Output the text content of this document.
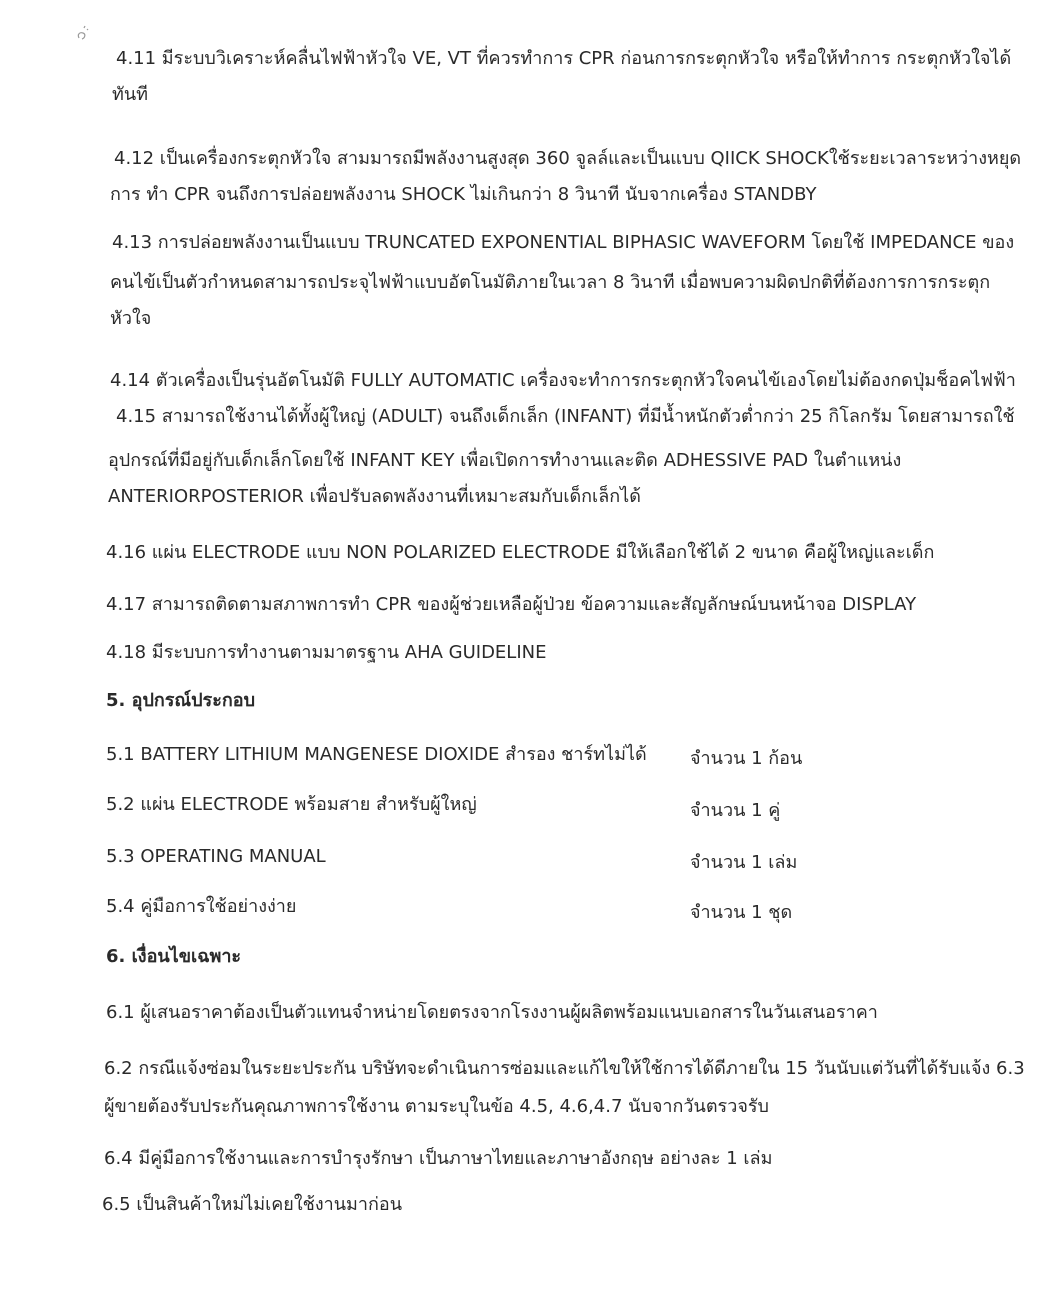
4.11 มีระบบวิเคราะห์คลื่นไฟฟ้าหัวใจ VE, VT ที่ควรทำการ CPR ก่อนการกระตุกหัวใจ หรือให้ทำการ กระตุกหัวใจได้
ทันที
4.12 เป็นเครื่องกระตุกหัวใจ สามมารถมีพลังงานสูงสุด 360 จูลล์และเป็นแบบ QIICK SHOCKใช้ระยะเวลาระหว่างหยุด
การ ทำ CPR จนถึงการปล่อยพลังงาน SHOCK ไม่เกินกว่า 8 วินาที นับจากเครื่อง STANDBY
4.13 การปล่อยพลังงานเป็นแบบ TRUNCATED EXPONENTIAL BIPHASIC WAVEFORM โดยใช้ IMPEDANCE ของ
คนไข้เป็นตัวกำหนดสามารถประจุไฟฟ้าแบบอัตโนมัติภายในเวลา 8 วินาที เมื่อพบความผิดปกติที่ต้องการการกระตุก
หัวใจ
4.14 ตัวเครื่องเป็นรุ่นอัตโนมัติ FULLY AUTOMATIC เครื่องจะทำการกระตุกหัวใจคนไข้เองโดยไม่ต้องกดปุ่มช็อคไฟฟ้า
4.15 สามารถใช้งานได้ทั้งผู้ใหญ่ (ADULT) จนถึงเด็กเล็ก (INFANT) ที่มีน้ำหนักตัวต่ำกว่า 25 กิโลกรัม โดยสามารถใช้
อุปกรณ์ที่มีอยู่กับเด็กเล็กโดยใช้ INFANT KEY เพื่อเปิดการทำงานและติด ADHESSIVE PAD ในตำแหน่ง
ANTERIORPOSTERIOR เพื่อปรับลดพลังงานที่เหมาะสมกับเด็กเล็กได้
4.16 แผ่น ELECTRODE แบบ NON POLARIZED ELECTRODE มีให้เลือกใช้ได้ 2 ขนาด คือผู้ใหญ่และเด็ก
4.17 สามารถติดตามสภาพการทำ CPR ของผู้ช่วยเหลือผู้ป่วย ข้อความและสัญลักษณ์บนหน้าจอ DISPLAY
4.18 มีระบบการทำงานตามมาตรฐาน AHA GUIDELINE
5. อุปกรณ์ประกอบ
5.1 BATTERY LITHIUM MANGENESE DIOXIDE สำรอง ชาร์ทไม่ได้ จำนวน 1 ก้อน
5.2 แผ่น ELECTRODE พร้อมสาย สำหรับผู้ใหญ่	จำนวน 1 คู่
5.3 OPERATING MANUAL	จำนวน 1 เล่ม
5.4 คู่มือการใช้อย่างง่าย	จำนวน 1 ชุด
6. เงื่อนไขเฉพาะ
6.1 ผู้เสนอราคาต้องเป็นตัวแทนจำหน่ายโดยตรงจากโรงงานผู้ผลิตพร้อมแนบเอกสารในวันเสนอราคา
6.2 กรณีแจ้งซ่อมในระยะประกัน บริษัทจะดำเนินการซ่อมและแก้ไขให้ใช้การได้ดีภายใน 15 วันนับแต่วันที่ได้รับแจ้ง 6.3
ผู้ขายต้องรับประกันคุณภาพการใช้งาน ตามระบุในข้อ 4.5, 4.6,4.7 นับจากวันตรวจรับ
6.4 มีคู่มือการใช้งานและการบำรุงรักษา เป็นภาษาไทยและภาษาอังกฤษ อย่างละ 1 เล่ม
6.5 เป็นสินค้าใหม่ไม่เคยใช้งานมาก่อน
